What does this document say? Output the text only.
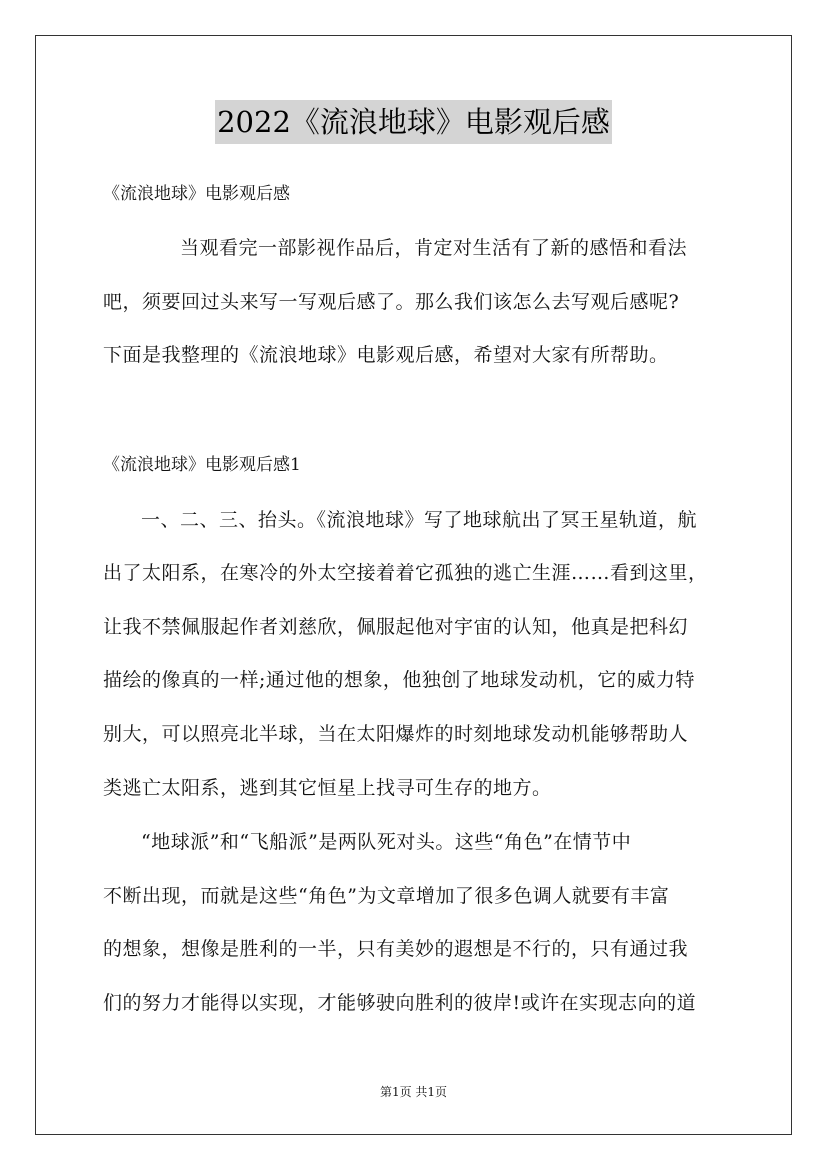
2022《流浪地球》电影观后感
《流浪地球》电影观后感
当观看完一部影视作品后，肯定对生活有了新的感悟和看法
吧，须要回过头来写一写观后感了。那么我们该怎么去写观后感呢?
下面是我整理的《流浪地球》电影观后感，希望对大家有所帮助。
《流浪地球》电影观后感1
一、二、三、抬头。《流浪地球》写了地球航出了冥王星轨道，航
出了太阳系，在寒冷的外太空接着着它孤独的逃亡生涯……看到这里，
让我不禁佩服起作者刘慈欣，佩服起他对宇宙的认知，他真是把科幻
描绘的像真的一样;通过他的想象，他独创了地球发动机，它的威力特
别大，可以照亮北半球，当在太阳爆炸的时刻地球发动机能够帮助人
类逃亡太阳系，逃到其它恒星上找寻可生存的地方。
“地球派”和“飞船派”是两队死对头。这些“角色”在情节中
不断出现，而就是这些“角色”为文章增加了很多色调人就要有丰富
的想象，想像是胜利的一半，只有美妙的遐想是不行的，只有通过我
们的努力才能得以实现，才能够驶向胜利的彼岸!或许在实现志向的道
第1页 共1页
